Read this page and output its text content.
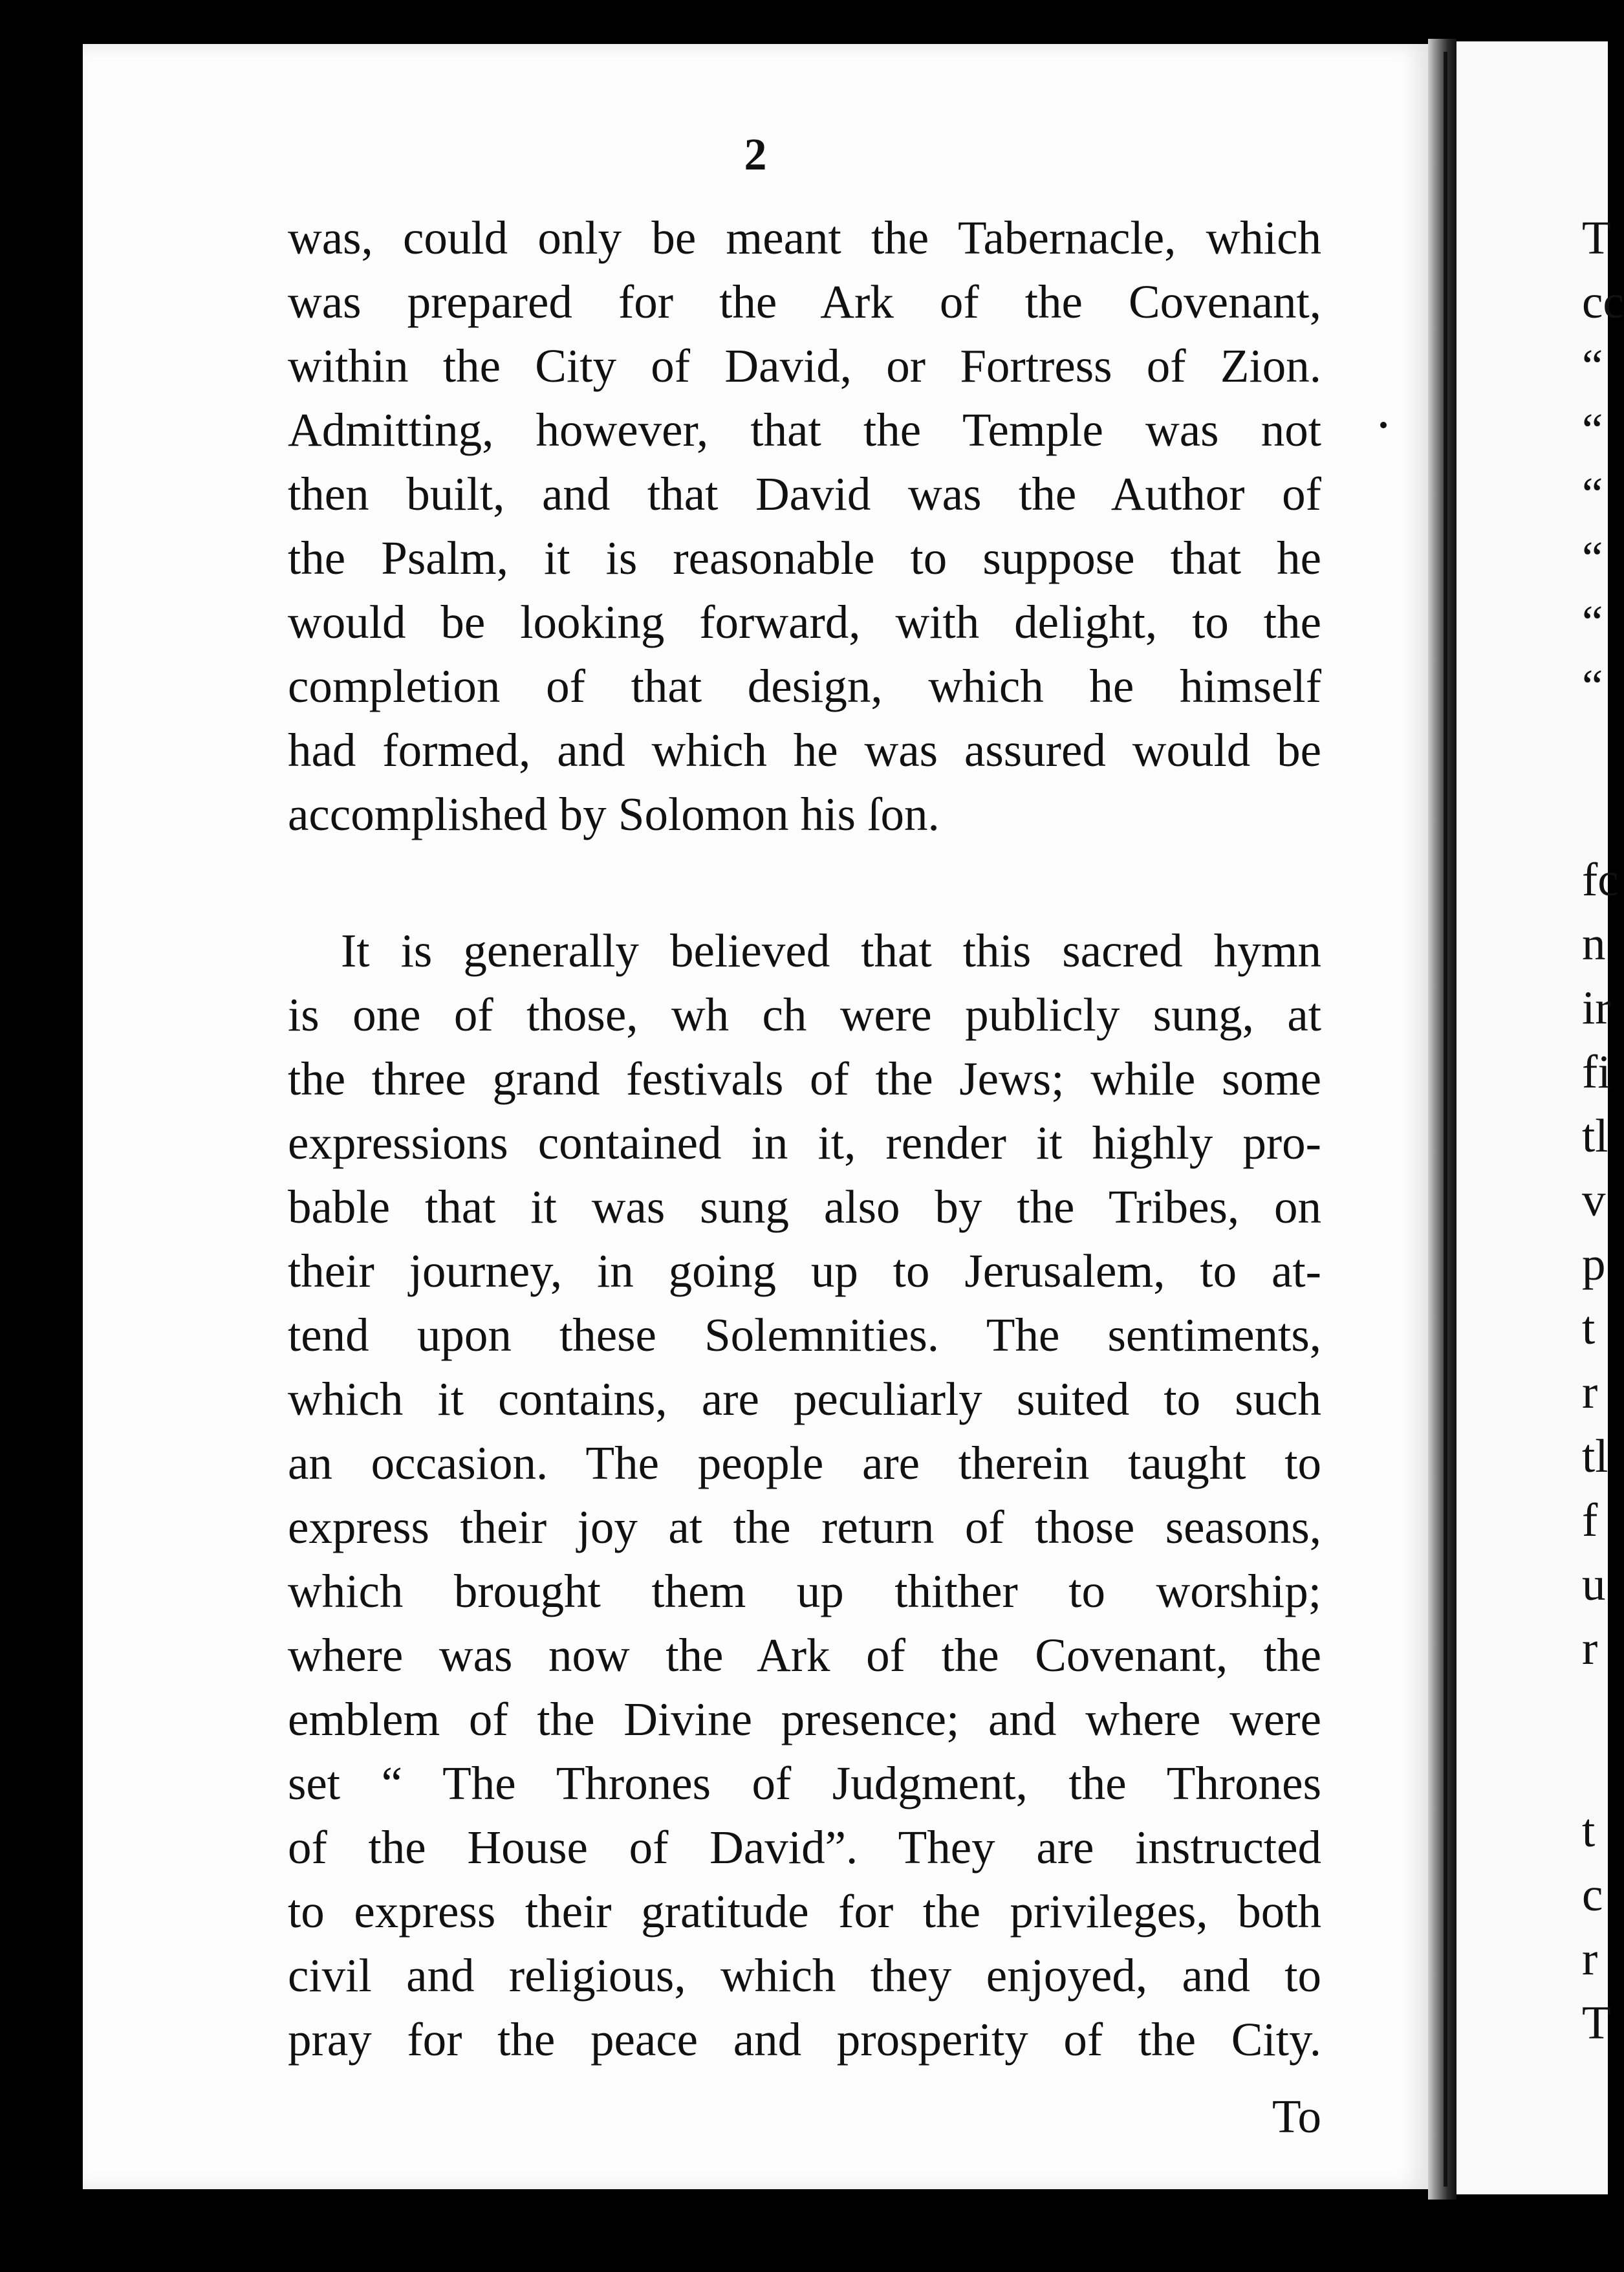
2
was, could only be meant the Tabernacle, which
was prepared for the Ark of the Covenant,
within the City of David, or Fortress of Zion.
Admitting, however, that the Temple was not
then built, and that David was the Author of
the Psalm, it is reasonable to suppose that he
would be looking forward, with delight, to the
completion of that design, which he himself
had formed, and which he was assured would be
accomplished by Solomon his ſon.
It is generally believed that this sacred hymn
is one of those, wh ch were publicly sung, at
the three grand festivals of the Jews; while some
expressions contained in it, render it highly pro-
bable that it was sung also by the Tribes, on
their journey, in going up to Jerusalem, to at-
tend upon these Solemnities. The sentiments,
which it contains, are peculiarly suited to such
an occasion. The people are therein taught to
express their joy at the return of those seasons,
which brought them up thither to worship;
where was now the Ark of the Covenant, the
emblem of the Divine presence; and where were
set “ The Thrones of Judgment, the Thrones
of the House of David”. They are instructed
to express their gratitude for the privileges, both
civil and religious, which they enjoyed, and to
pray for the peace and prosperity of the City.
To
T
cc
“
“
“
“
“
“
fc
n
ir
fi
tl
v
p
t
r
tl
f
u
r
t
c
r
T
